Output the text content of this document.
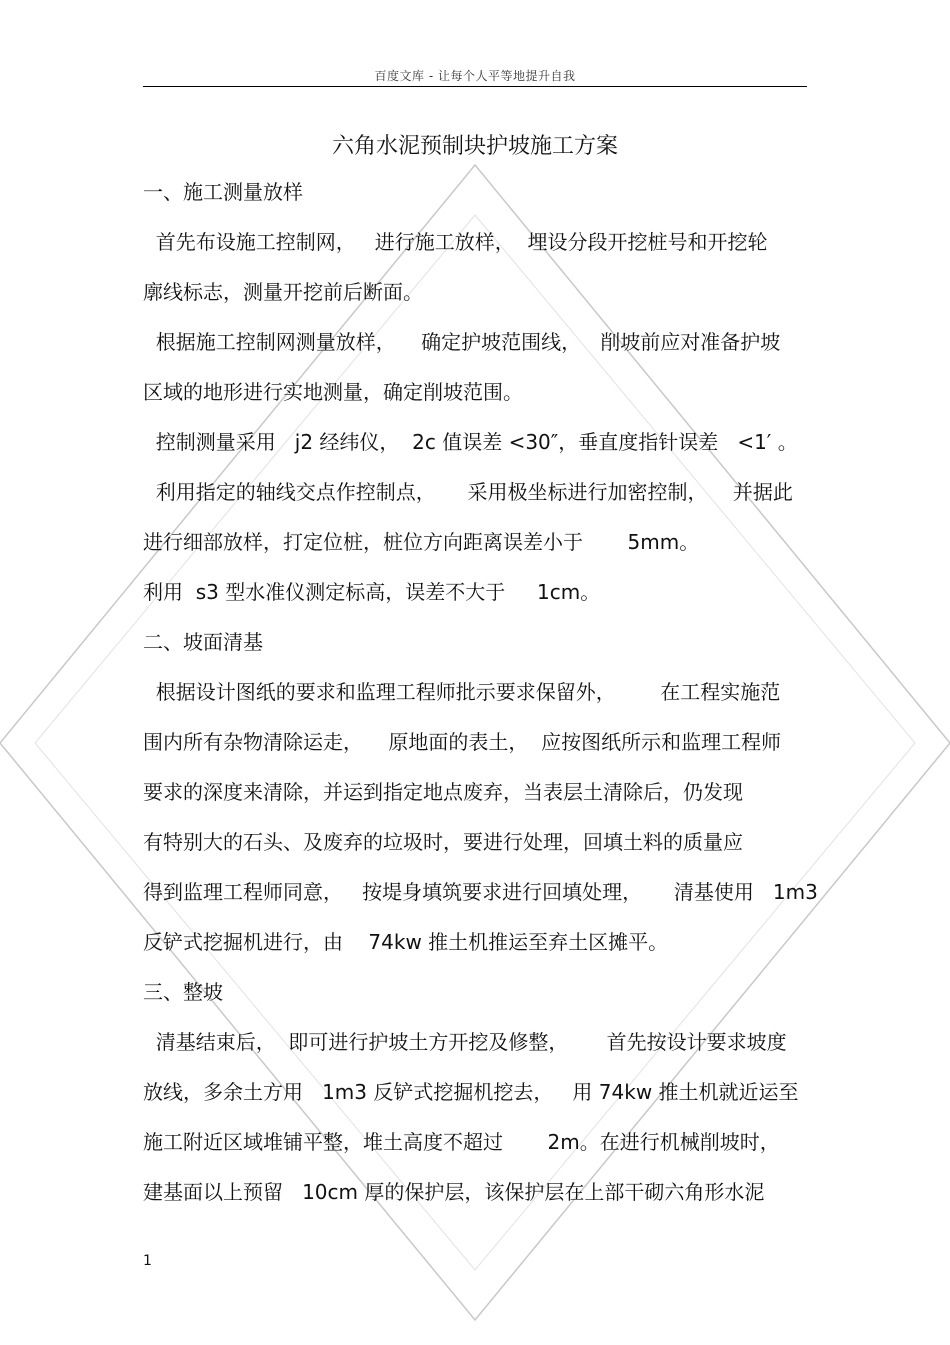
百度文库 - 让每个人平等地提升自我
六角水泥预制块护坡施工方案
一、施工测量放样
首先布设施工控制网，   进行施工放样，  埋设分段开挖桩号和开挖轮
廓线标志，测量开挖前后断面。
根据施工控制网测量放样，    确定护坡范围线，   削坡前应对准备护坡
区域的地形进行实地测量，确定削坡范围。
控制测量采用   j2 经纬仪，  2c 值误差 <30″，垂直度指针误差   <1′ 。
利用指定的轴线交点作控制点，     采用极坐标进行加密控制，    并据此
进行细部放样，打定位桩，桩位方向距离误差小于       5mm。
利用  s3 型水准仪测定标高，误差不大于     1cm。
二、坡面清基
根据设计图纸的要求和监理工程师批示要求保留外，       在工程实施范
围内所有杂物清除运走，    原地面的表土，  应按图纸所示和监理工程师
要求的深度来清除，并运到指定地点废弃，当表层土清除后，仍发现
有特别大的石头、及废弃的垃圾时，要进行处理，回填土料的质量应
得到监理工程师同意，   按堤身填筑要求进行回填处理，     清基使用   1m3
反铲式挖掘机进行，由    74kw 推土机推运至弃土区摊平。
三、整坡
清基结束后，  即可进行护坡土方开挖及修整，      首先按设计要求坡度
放线，多余土方用   1m3 反铲式挖掘机挖去，   用 74kw 推土机就近运至
施工附近区域堆铺平整，堆土高度不超过       2m。在进行机械削坡时，
建基面以上预留   10cm 厚的保护层，该保护层在上部干砌六角形水泥
1
